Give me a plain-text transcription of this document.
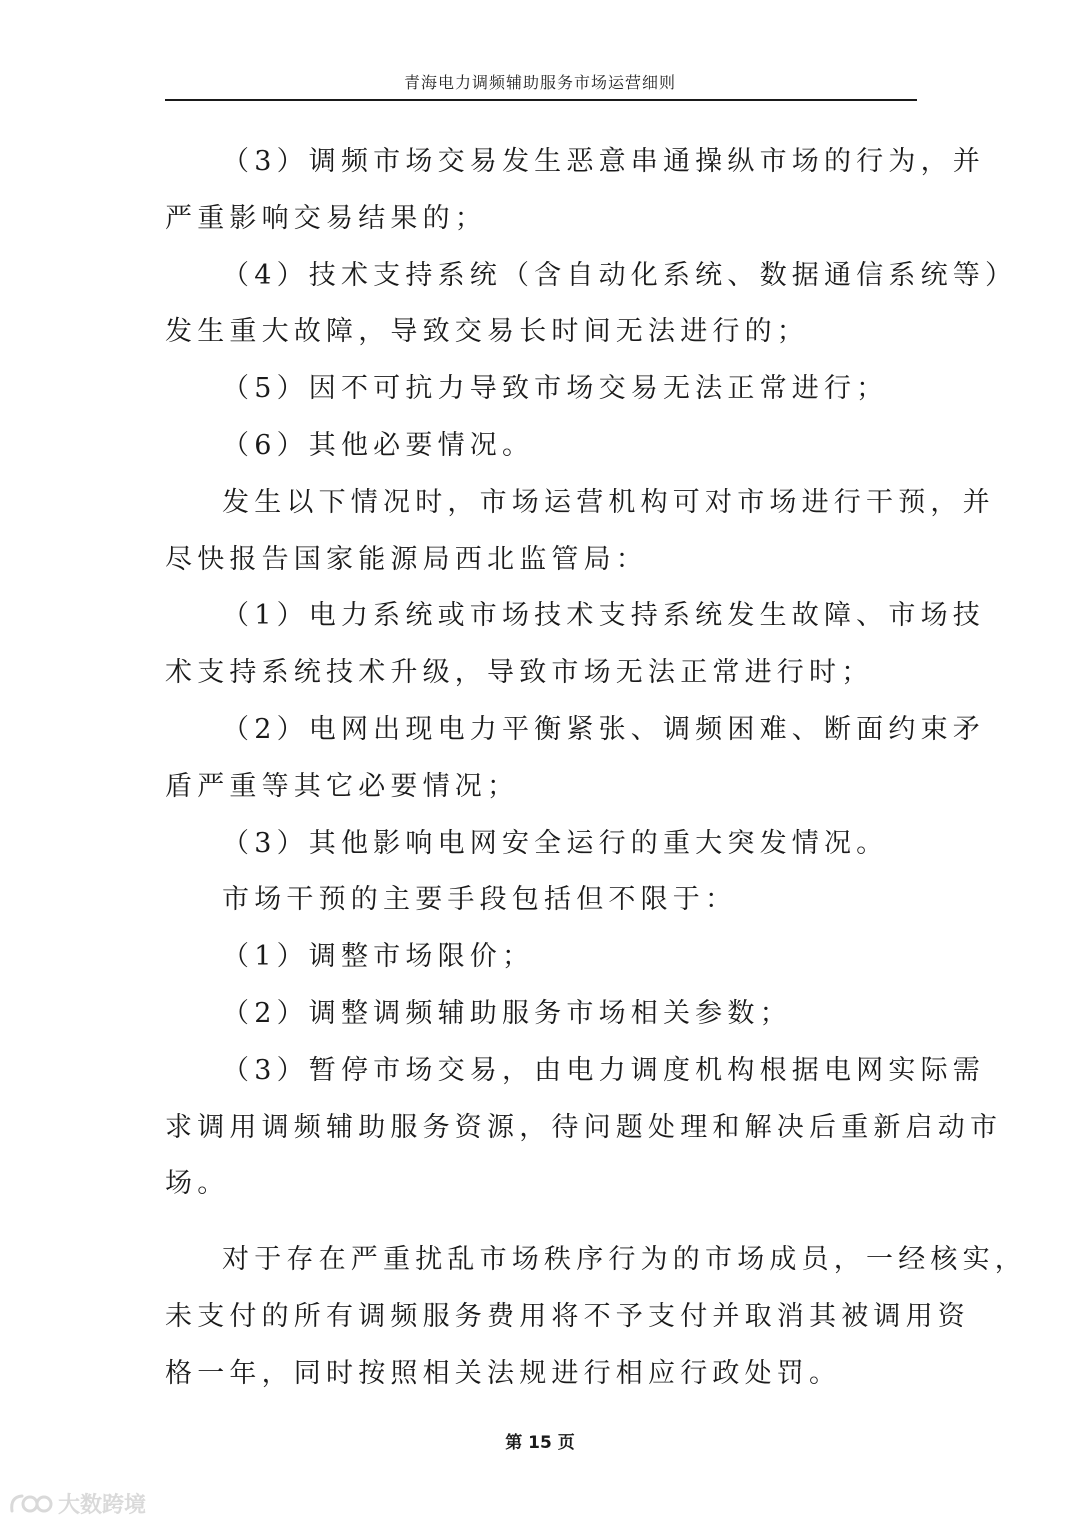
青海电力调频辅助服务市场运营细则
（3）调频市场交易发生恶意串通操纵市场的行为，并
严重影响交易结果的；
（4）技术支持系统（含自动化系统、数据通信系统等）
发生重大故障，导致交易长时间无法进行的；
（5）因不可抗力导致市场交易无法正常进行；
（6）其他必要情况。
发生以下情况时，市场运营机构可对市场进行干预，并
尽快报告国家能源局西北监管局：
（1）电力系统或市场技术支持系统发生故障、市场技
术支持系统技术升级，导致市场无法正常进行时；
（2）电网出现电力平衡紧张、调频困难、断面约束矛
盾严重等其它必要情况；
（3）其他影响电网安全运行的重大突发情况。
市场干预的主要手段包括但不限于：
（1）调整市场限价；
（2）调整调频辅助服务市场相关参数；
（3）暂停市场交易，由电力调度机构根据电网实际需
求调用调频辅助服务资源，待问题处理和解决后重新启动市
场。
对于存在严重扰乱市场秩序行为的市场成员，一经核实，
未支付的所有调频服务费用将不予支付并取消其被调用资
格一年，同时按照相关法规进行相应行政处罚。
第 15 页
大数跨境
